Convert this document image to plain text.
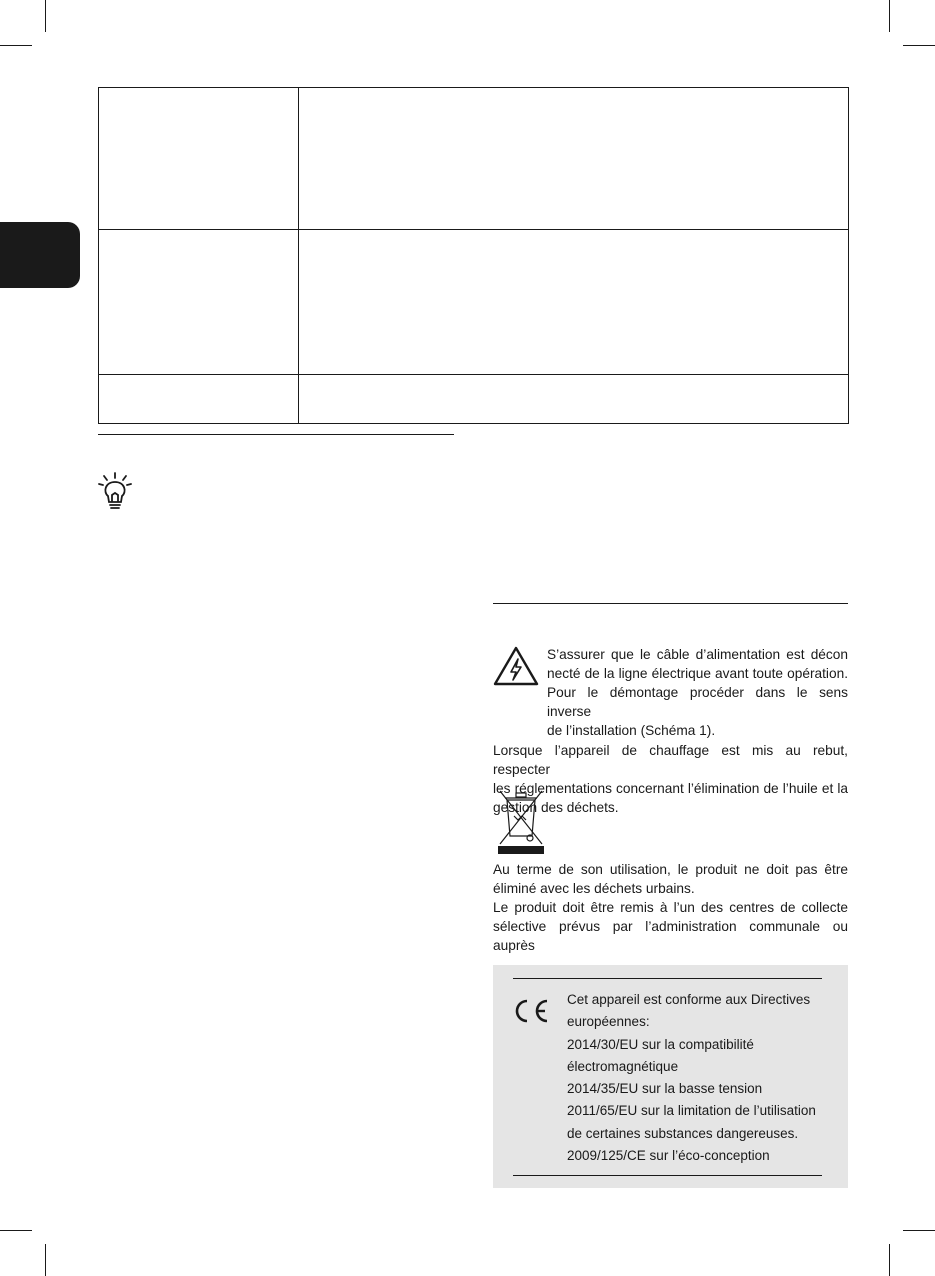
S’assurer que le câble d’alimentation est décon
necté de la ligne électrique avant toute opération.
Pour le démontage procéder dans le sens inverse
de l’installation (Schéma 1).
Lorsque l’appareil de chauffage est mis au rebut, respecter
les réglementations concernant l’élimination de l’huile et la
gestion des déchets.
Au terme de son utilisation, le produit ne doit pas être
éliminé avec les déchets urbains.
Le produit doit être remis à l’un des centres de collecte
sélective prévus par l’administration communale ou auprès
Cet appareil est conforme aux Directives
européennes:
2014/30/EU sur la compatibilité
électromagnétique
2014/35/EU sur la basse tension
2011/65/EU sur la limitation de l’utilisation
de certaines substances dangereuses.
2009/125/CE sur l’éco-conception
